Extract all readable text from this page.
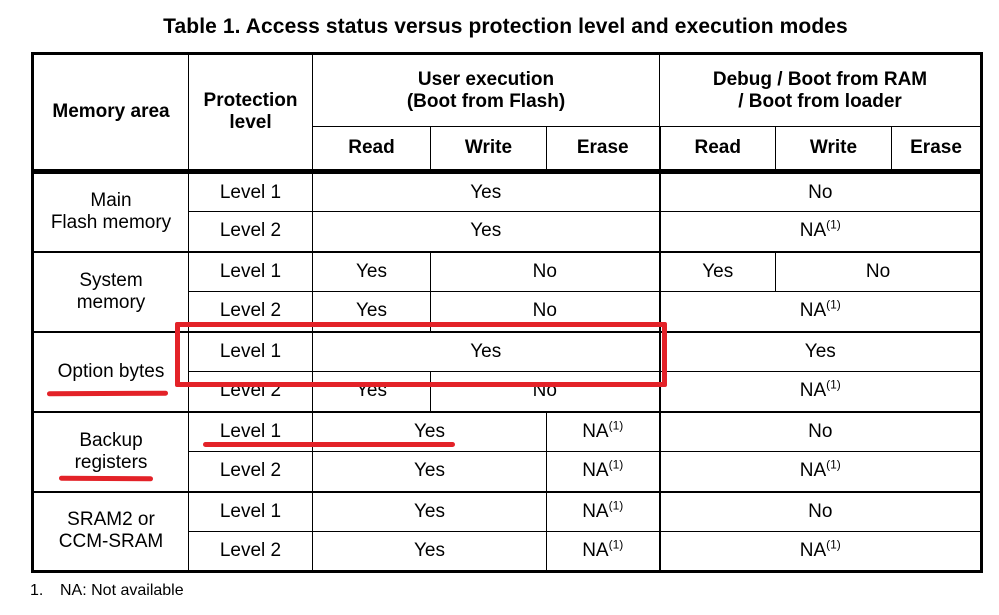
Table 1. Access status versus protection level and execution modes
Memory area	
Protection
level

User execution
(Boot from Flash)

Debug / Boot from RAM
/ Boot from loader

		Read	Write	Erase	Read	Write	Erase

Main
Flash memory	Level 1	Yes			No		
	Level 2	Yes			NA$^{(1)}$

System
memory	Level 1	Yes	No		Yes	No	
	Level 2	Yes	No		NA$^{(1)}$

Option bytes	Level 1	Yes			Yes		
	Level 2	Yes	No		NA$^{(1)}$

Backup
registers	Level 1	Yes		NA$^{(1)}$	No		
	Level 2	Yes		NA$^{(1)}$	NA$^{(1)}$

SRAM2 or
CCM-SRAM	Level 1	Yes		NA$^{(1)}$	No		
	Level 2	Yes		NA$^{(1)}$	NA$^{(1)}$
1.	NA: Not available
